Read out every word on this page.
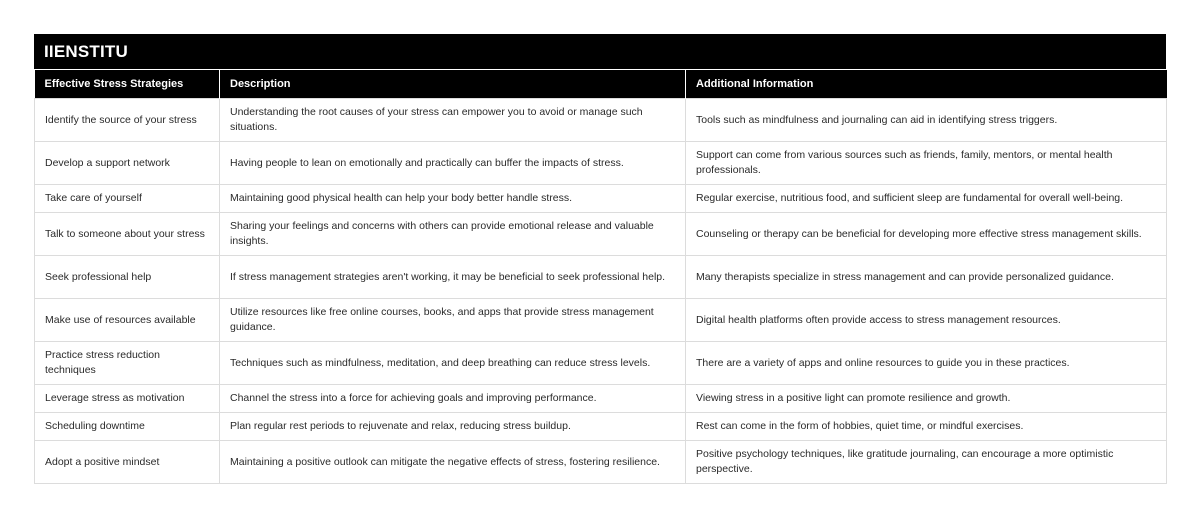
IIENSTITU
Effective Stress Strategies	Description	Additional Information
Identify the source of your stress	Understanding the root causes of your stress can empower you to avoid or manage such situations.	Tools such as mindfulness and journaling can aid in identifying stress triggers.
Develop a support network	Having people to lean on emotionally and practically can buffer the impacts of stress.	Support can come from various sources such as friends, family, mentors, or mental health professionals.
Take care of yourself	Maintaining good physical health can help your body better handle stress.	Regular exercise, nutritious food, and sufficient sleep are fundamental for overall well-being.
Talk to someone about your stress	Sharing your feelings and concerns with others can provide emotional release and valuable insights.	Counseling or therapy can be beneficial for developing more effective stress management skills.
Seek professional help	If stress management strategies aren't working, it may be beneficial to seek professional help.	Many therapists specialize in stress management and can provide personalized guidance.
Make use of resources available	Utilize resources like free online courses, books, and apps that provide stress management guidance.	Digital health platforms often provide access to stress management resources.
Practice stress reduction techniques	Techniques such as mindfulness, meditation, and deep breathing can reduce stress levels.	There are a variety of apps and online resources to guide you in these practices.
Leverage stress as motivation	Channel the stress into a force for achieving goals and improving performance.	Viewing stress in a positive light can promote resilience and growth.
Scheduling downtime	Plan regular rest periods to rejuvenate and relax, reducing stress buildup.	Rest can come in the form of hobbies, quiet time, or mindful exercises.
Adopt a positive mindset	Maintaining a positive outlook can mitigate the negative effects of stress, fostering resilience.	Positive psychology techniques, like gratitude journaling, can encourage a more optimistic perspective.
